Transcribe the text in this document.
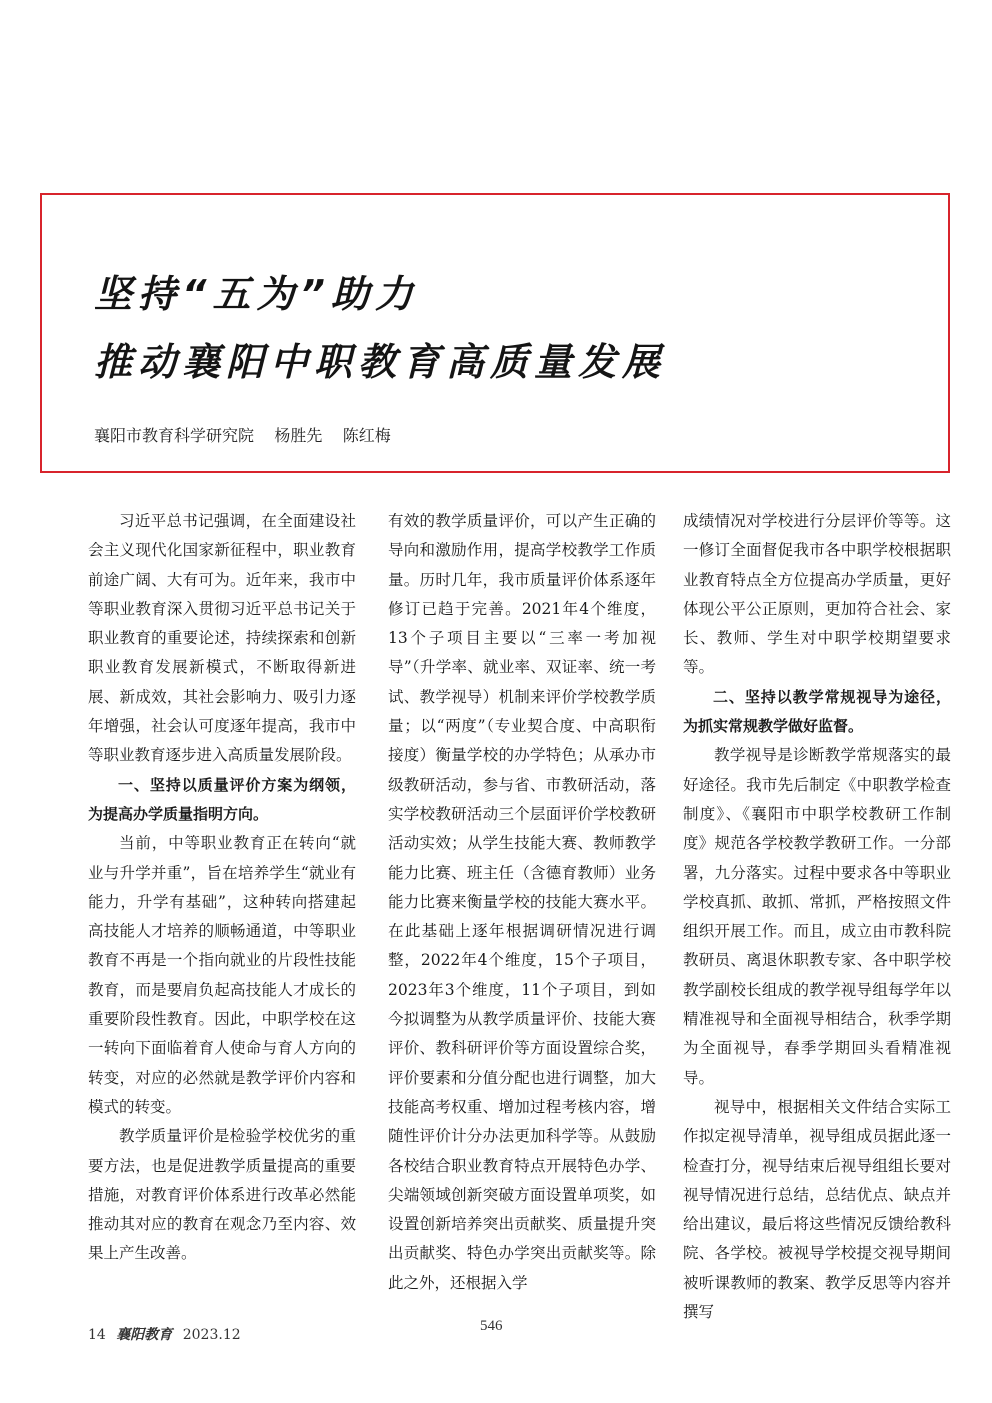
坚持“五为”助力
推动襄阳中职教育高质量发展

襄阳市教育科学研究院    杨胜先    陈红梅

习近平总书记强调，在全面建设社会主义现代化国家新征程中，职业教育前途广阔、大有可为。近年来，我市中等职业教育深入贯彻习近平总书记关于职业教育的重要论述，持续探索和创新职业教育发展新模式，不断取得新进展、新成效，其社会影响力、吸引力逐年增强，社会认可度逐年提高，我市中等职业教育逐步进入高质量发展阶段。

一、坚持以质量评价方案为纲领，为提高办学质量指明方向。

当前，中等职业教育正在转向“就业与升学并重”，旨在培养学生“就业有能力，升学有基础”，这种转向搭建起高技能人才培养的顺畅通道，中等职业教育不再是一个指向就业的片段性技能教育，而是要肩负起高技能人才成长的重要阶段性教育。因此，中职学校在这一转向下面临着育人使命与育人方向的转变，对应的必然就是教学评价内容和模式的转变。

教学质量评价是检验学校优劣的重要方法，也是促进教学质量提高的重要措施，对教育评价体系进行改革必然能推动其对应的教育在观念乃至内容、效果上产生改善。

有效的教学质量评价，可以产生正确的导向和激励作用，提高学校教学工作质量。历时几年，我市质量评价体系逐年修订已趋于完善。2021年4个维度，13个子项目主要以“三率一考加视导”（升学率、就业率、双证率、统一考试、教学视导）机制来评价学校教学质量；以“两度”（专业契合度、中高职衔接度）衡量学校的办学特色；从承办市级教研活动，参与省、市教研活动，落实学校教研活动三个层面评价学校教研活动实效；从学生技能大赛、教师教学能力比赛、班主任（含德育教师）业务能力比赛来衡量学校的技能大赛水平。在此基础上逐年根据调研情况进行调整，2022年4个维度，15个子项目，2023年3个维度，11个子项目，到如今拟调整为从教学质量评价、技能大赛评价、教科研评价等方面设置综合奖，评价要素和分值分配也进行调整，加大技能高考权重、增加过程考核内容，增随性评价计分办法更加科学等。从鼓励各校结合职业教育特点开展特色办学、尖端领域创新突破方面设置单项奖，如设置创新培养突出贡献奖、质量提升突出贡献奖、特色办学突出贡献奖等。除此之外，还根据入学

成绩情况对学校进行分层评价等等。这一修订全面督促我市各中职学校根据职业教育特点全方位提高办学质量，更好体现公平公正原则，更加符合社会、家长、教师、学生对中职学校期望要求等。

二、坚持以教学常规视导为途径，为抓实常规教学做好监督。

教学视导是诊断教学常规落实的最好途径。我市先后制定《中职教学检查制度》、《襄阳市中职学校教研工作制度》规范各学校教学教研工作。一分部署，九分落实。过程中要求各中等职业学校真抓、敢抓、常抓，严格按照文件组织开展工作。而且，成立由市教科院教研员、离退休职教专家、各中职学校教学副校长组成的教学视导组每学年以精准视导和全面视导相结合，秋季学期为全面视导，春季学期回头看精准视导。

视导中，根据相关文件结合实际工作拟定视导清单，视导组成员据此逐一检查打分，视导结束后视导组组长要对视导情况进行总结，总结优点、缺点并给出建议，最后将这些情况反馈给教科院、各学校。被视导学校提交视导期间被听课教师的教案、教学反思等内容并撰写

14 襄阳教育 2023.12

546
